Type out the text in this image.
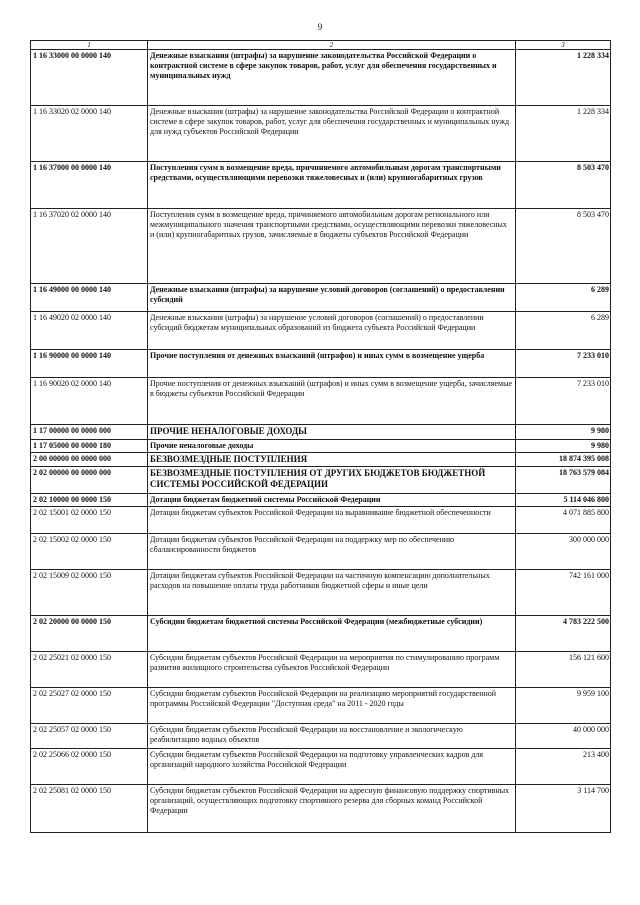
9
1	2	3
1 16 33000 00 0000 140	Денежные взыскания (штрафы) за нарушение законодательства Российской Федерации о контрактной системе в сфере закупок товаров, работ, услуг для обеспечения государственных и муниципальных нужд	1 228 334
1 16 33020 02 0000 140	Денежные взыскания (штрафы) за нарушение законодательства Российской Федерации о контрактной системе в сфере закупок товаров, работ, услуг для обеспечения государственных и муниципальных нужд для нужд субъектов Российской Федерации	1 228 334
1 16 37000 00 0000 140	Поступления сумм в возмещение вреда, причиняемого автомобильным дорогам транспортными средствами, осуществляющими перевозки тяжеловесных и (или) крупногабаритных грузов	8 503 470
1 16 37020 02 0000 140	Поступления сумм в возмещение вреда, причиняемого автомобильным дорогам регионального или межмуниципального значения транспортными средствами, осуществляющими перевозки тяжеловесных и (или) крупногабаритных грузов, зачисляемые в бюджеты субъектов Российской Федерации	8 503 470
1 16 49000 00 0000 140	Денежные взыскания (штрафы) за нарушение условий договоров (соглашений) о предоставлении субсидий	6 289
1 16 49020 02 0000 140	Денежные взыскания (штрафы) за нарушение условий договоров (соглашений) о предоставлении субсидий бюджетам муниципальных образований из бюджета субъекта Российской Федерации	6 289
1 16 90000 00 0000 140	Прочие поступления от денежных взысканий (штрафов) и иных сумм в возмещение ущерба	7 233 010
1 16 90020 02 0000 140	Прочие поступления от денежных взысканий (штрафов) и иных сумм в возмещение ущерба, зачисляемые в бюджеты субъектов Российской Федерации	7 233 010
1 17 00000 00 0000 000	ПРОЧИЕ НЕНАЛОГОВЫЕ ДОХОДЫ	9 980
1 17 05000 00 0000 180	Прочие неналоговые доходы	9 980
2 00 00000 00 0000 000	БЕЗВОЗМЕЗДНЫЕ ПОСТУПЛЕНИЯ	18 874 395 008
2 02 00000 00 0000 000	БЕЗВОЗМЕЗДНЫЕ ПОСТУПЛЕНИЯ ОТ ДРУГИХ БЮДЖЕТОВ БЮДЖЕТНОЙ СИСТЕМЫ РОССИЙСКОЙ ФЕДЕРАЦИИ	18 763 579 084
2 02 10000 00 0000 150	Дотации бюджетам бюджетной системы Российской Федерации	5 114 046 800
2 02 15001 02 0000 150	Дотации бюджетам субъектов Российской Федерации на выравнивание бюджетной обеспеченности	4 071 885 800
2 02 15002 02 0000 150	Дотации бюджетам субъектов Российской Федерации на поддержку мер по обеспечению сбалансированности бюджетов	300 000 000
2 02 15009 02 0000 150	Дотации бюджетам субъектов Российской Федерации на частичную компенсацию дополнительных расходов на повышение оплаты труда работников бюджетной сферы и иные цели	742 161 000
2 02 20000 00 0000 150	Субсидии бюджетам бюджетной системы Российской Федерации (межбюджетные субсидии)	4 783 222 500
2 02 25021 02 0000 150	Субсидии бюджетам субъектов Российской Федерации на мероприятия по стимулированию программ развития жилищного строительства субъектов Российской Федерации	156 121 600
2 02 25027 02 0000 150	Субсидии бюджетам субъектов Российской Федерации на реализацию мероприятий государственной программы Российской Федерации "Доступная среда" на 2011 - 2020 годы	9 959 100
2 02 25057 02 0000 150	Субсидии бюджетам субъектов Российской Федерации на восстановление и экологическую реабилитацию водных объектов	40 000 000
2 02 25066 02 0000 150	Субсидии бюджетам субъектов Российской Федерации на подготовку управленческих кадров для организаций народного хозяйства Российской Федерации	213 400
2 02 25081 02 0000 150	Субсидии бюджетам субъектов Российской Федерации на адресную финансовую поддержку спортивных организаций, осуществляющих подготовку спортивного резерва для сборных команд Российской Федерации	3 114 700
